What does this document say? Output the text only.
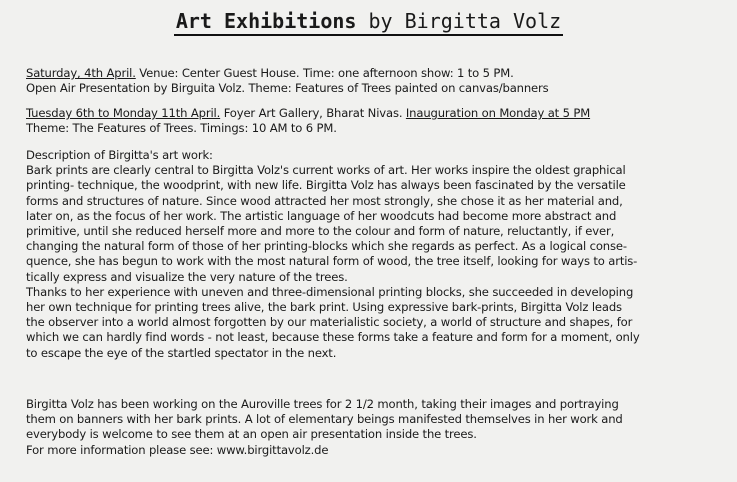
Art Exhibitions by Birgitta Volz
Saturday, 4th April. Venue: Center Guest House. Time: one afternoon show: 1 to 5 PM.
Open Air Presentation by Birguita Volz. Theme: Features of Trees painted on canvas/banners
Tuesday 6th to Monday 11th April. Foyer Art Gallery, Bharat Nivas. Inauguration on Monday at 5 PM
Theme: The Features of Trees. Timings: 10 AM to 6 PM.
Description of Birgitta's art work:
Bark prints are clearly central to Birgitta Volz's current works of art. Her works inspire the oldest graphical
printing- technique, the woodprint, with new life. Birgitta Volz has always been fascinated by the versatile
forms and structures of nature. Since wood attracted her most strongly, she chose it as her material and,
later on, as the focus of her work. The artistic language of her woodcuts had become more abstract and
primitive, until she reduced herself more and more to the colour and form of nature, reluctantly, if ever,
changing the natural form of those of her printing-blocks which she regards as perfect. As a logical conse-
quence, she has begun to work with the most natural form of wood, the tree itself, looking for ways to artis-
tically express and visualize the very nature of the trees.
Thanks to her experience with uneven and three-dimensional printing blocks, she succeeded in developing
her own technique for printing trees alive, the bark print. Using expressive bark-prints, Birgitta Volz leads
the observer into a world almost forgotten by our materialistic society, a world of structure and shapes, for
which we can hardly find words - not least, because these forms take a feature and form for a moment, only
to escape the eye of the startled spectator in the next.
Birgitta Volz has been working on the Auroville trees for 2 1/2 month, taking their images and portraying
them on banners with her bark prints. A lot of elementary beings manifested themselves in her work and
everybody is welcome to see them at an open air presentation inside the trees.
For more information please see: www.birgittavolz.de
